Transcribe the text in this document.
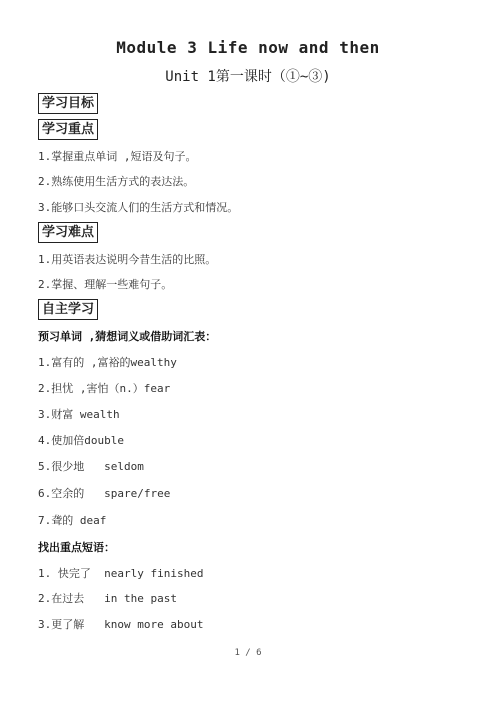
Module 3 Life now and then
Unit 1第一课时（①~③)
学习目标
学习重点
1.掌握重点单词 ,短语及句子。
2.熟练使用生活方式的表达法。
3.能够口头交流人们的生活方式和情况。
学习难点
1.用英语表达说明今昔生活的比照。
2.掌握、理解一些难句子。
自主学习
预习单词 ,猜想词义或借助词汇表：
1.富有的 ,富裕的wealthy
2.担忧 ,害怕（n.）fear
3.财富 wealth
4.使加倍double
5.很少地   seldom
6.空余的   spare/free
7.聋的 deaf
找出重点短语：
1. 快完了  nearly finished
2.在过去   in the past
3.更了解   know more about
1 / 6
